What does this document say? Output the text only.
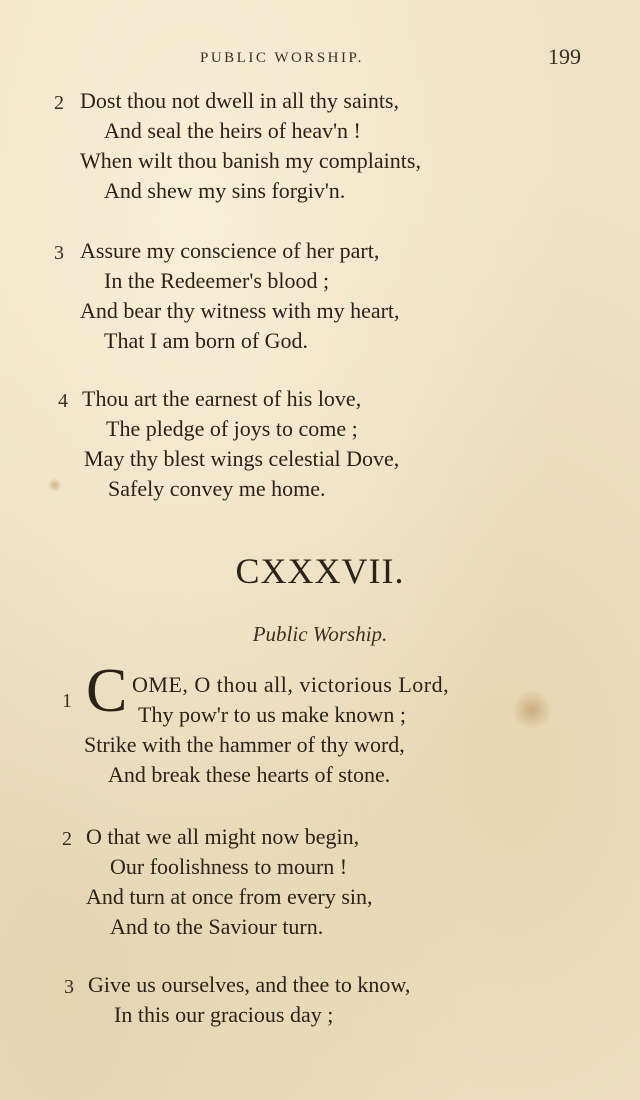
PUBLIC WORSHIP.	199
2 Dost thou not dwell in all thy saints,
And seal the heirs of heav'n !
When wilt thou banish my complaints,
And shew my sins forgiv'n.
3 Assure my conscience of her part,
In the Redeemer's blood ;
And bear thy witness with my heart,
That I am born of God.
4 Thou art the earnest of his love,
The pledge of joys to come ;
May thy blest wings celestial Dove,
Safely convey me home.
CXXXVII.
Public Worship.
1 C OME, O thou all, victorious Lord,
Thy pow'r to us make known ;
Strike with the hammer of thy word,
And break these hearts of stone.
2 O that we all might now begin,
Our foolishness to mourn !
And turn at once from every sin,
And to the Saviour turn.
3 Give us ourselves, and thee to know,
In this our gracious day ;
